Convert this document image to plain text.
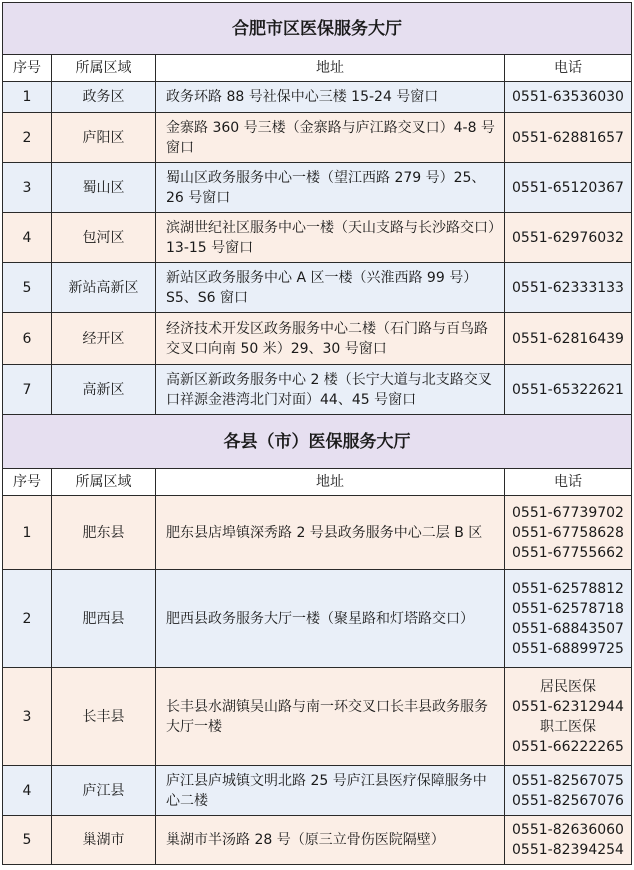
合肥市区医保服务大厅			
序号	所属区域	地址	电话
1	政务区	政务环路 88 号社保中心三楼 15-24 号窗口	0551-63536030
2	庐阳区	金寨路 360 号三楼（金寨路与庐江路交叉口）4-8 号窗口	0551-62881657
3	蜀山区	蜀山区政务服务中心一楼（望江西路 279 号）25、26 号窗口	0551-65120367
4	包河区	滨湖世纪社区服务中心一楼（天山支路与长沙路交口）13-15 号窗口	0551-62976032
5	新站高新区	新站区政务服务中心 A 区一楼（兴淮西路 99 号）S5、S6 窗口	0551-62333133
6	经开区	经济技术开发区政务服务中心二楼（石门路与百鸟路交叉口向南 50 米）29、30 号窗口	0551-62816439
7	高新区	高新区新政务服务中心 2 楼（长宁大道与北支路交叉口祥源金港湾北门对面）44、45 号窗口	0551-65322621
各县（市）医保服务大厅			
序号	所属区域	地址	电话
1	肥东县	肥东县店埠镇深秀路 2 号县政务服务中心二层 B 区	0551-67739702
0551-67758628
0551-67755662

2	肥西县	肥西县政务服务大厅一楼（聚星路和灯塔路交口）	0551-62578812
0551-62578718
0551-68843507
0551-68899725

3	长丰县	长丰县水湖镇吴山路与南一环交叉口长丰县政务服务大厅一楼	居民医保
0551-62312944
职工医保
0551-66222265

4	庐江县	庐江县庐城镇文明北路 25 号庐江县医疗保障服务中心二楼	0551-82567075
0551-82567076

5	巢湖市	巢湖市半汤路 28 号（原三立骨伤医院隔壁）	0551-82636060
0551-82394254
